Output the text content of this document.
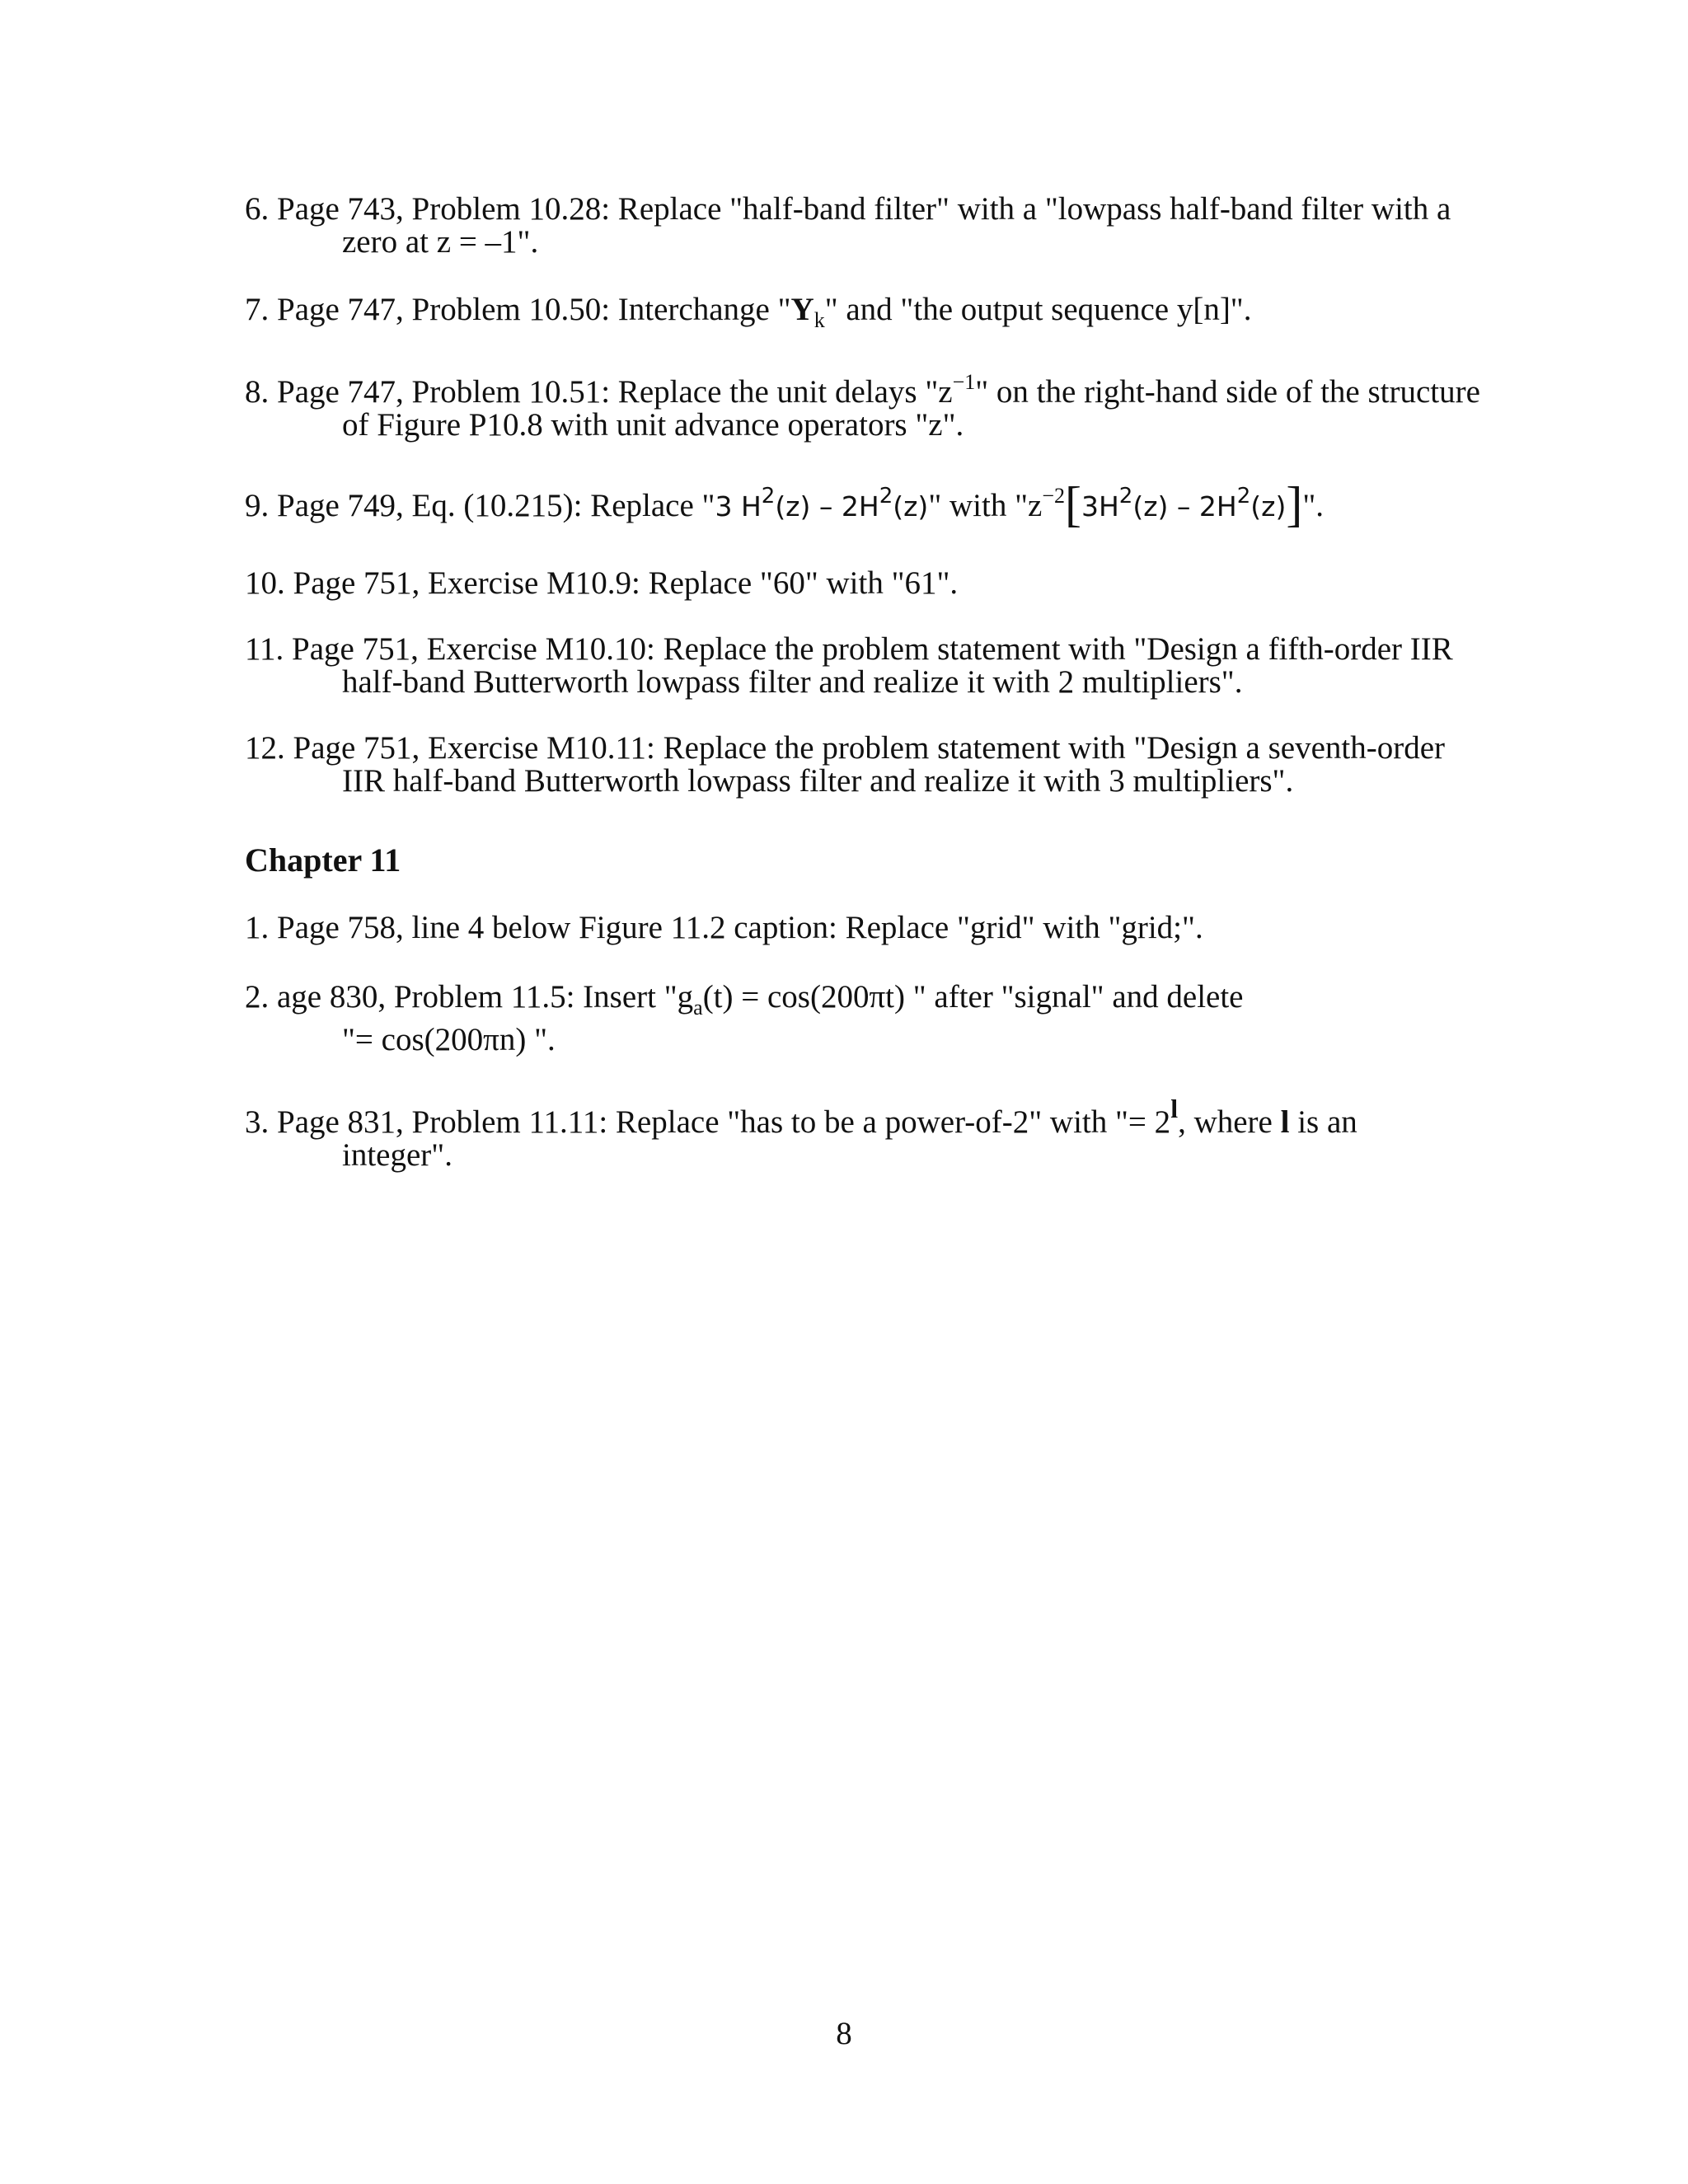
6. Page 743, Problem 10.28: Replace "half-band filter" with a "lowpass half-band filter with a
zero at z = –1".
7. Page 747, Problem 10.50: Interchange "$Y_k$" and "the output sequence y[n]".
8. Page 747, Problem 10.51: Replace the unit delays "$z^{-1}$" on the right-hand side of the structure
of Figure P10.8 with unit advance operators "z".
9. Page 749, Eq. (10.215): Replace "3 $H^2(z) - 2H^2(z)$" with "$z^{-2}[3H^2(z) - 2H^2(z)]$".
10. Page 751, Exercise M10.9: Replace "60" with "61".
11. Page 751, Exercise M10.10: Replace the problem statement with "Design a fifth-order IIR
half-band Butterworth lowpass filter and realize it with 2 multipliers".
12. Page 751, Exercise M10.11: Replace the problem statement with "Design a seventh-order
IIR half-band Butterworth lowpass filter and realize it with 3 multipliers".
Chapter 11
1. Page 758, line 4 below Figure 11.2 caption: Replace "grid" with "grid;".
2. age 830, Problem 11.5: Insert "$g_a(t) = \cos(200\pi t)$ " after "signal" and delete
"= cos(200πn) ".
3. Page 831, Problem 11.11: Replace "has to be a power-of-2" with "= $2^l$, where l is an
integer".
8
